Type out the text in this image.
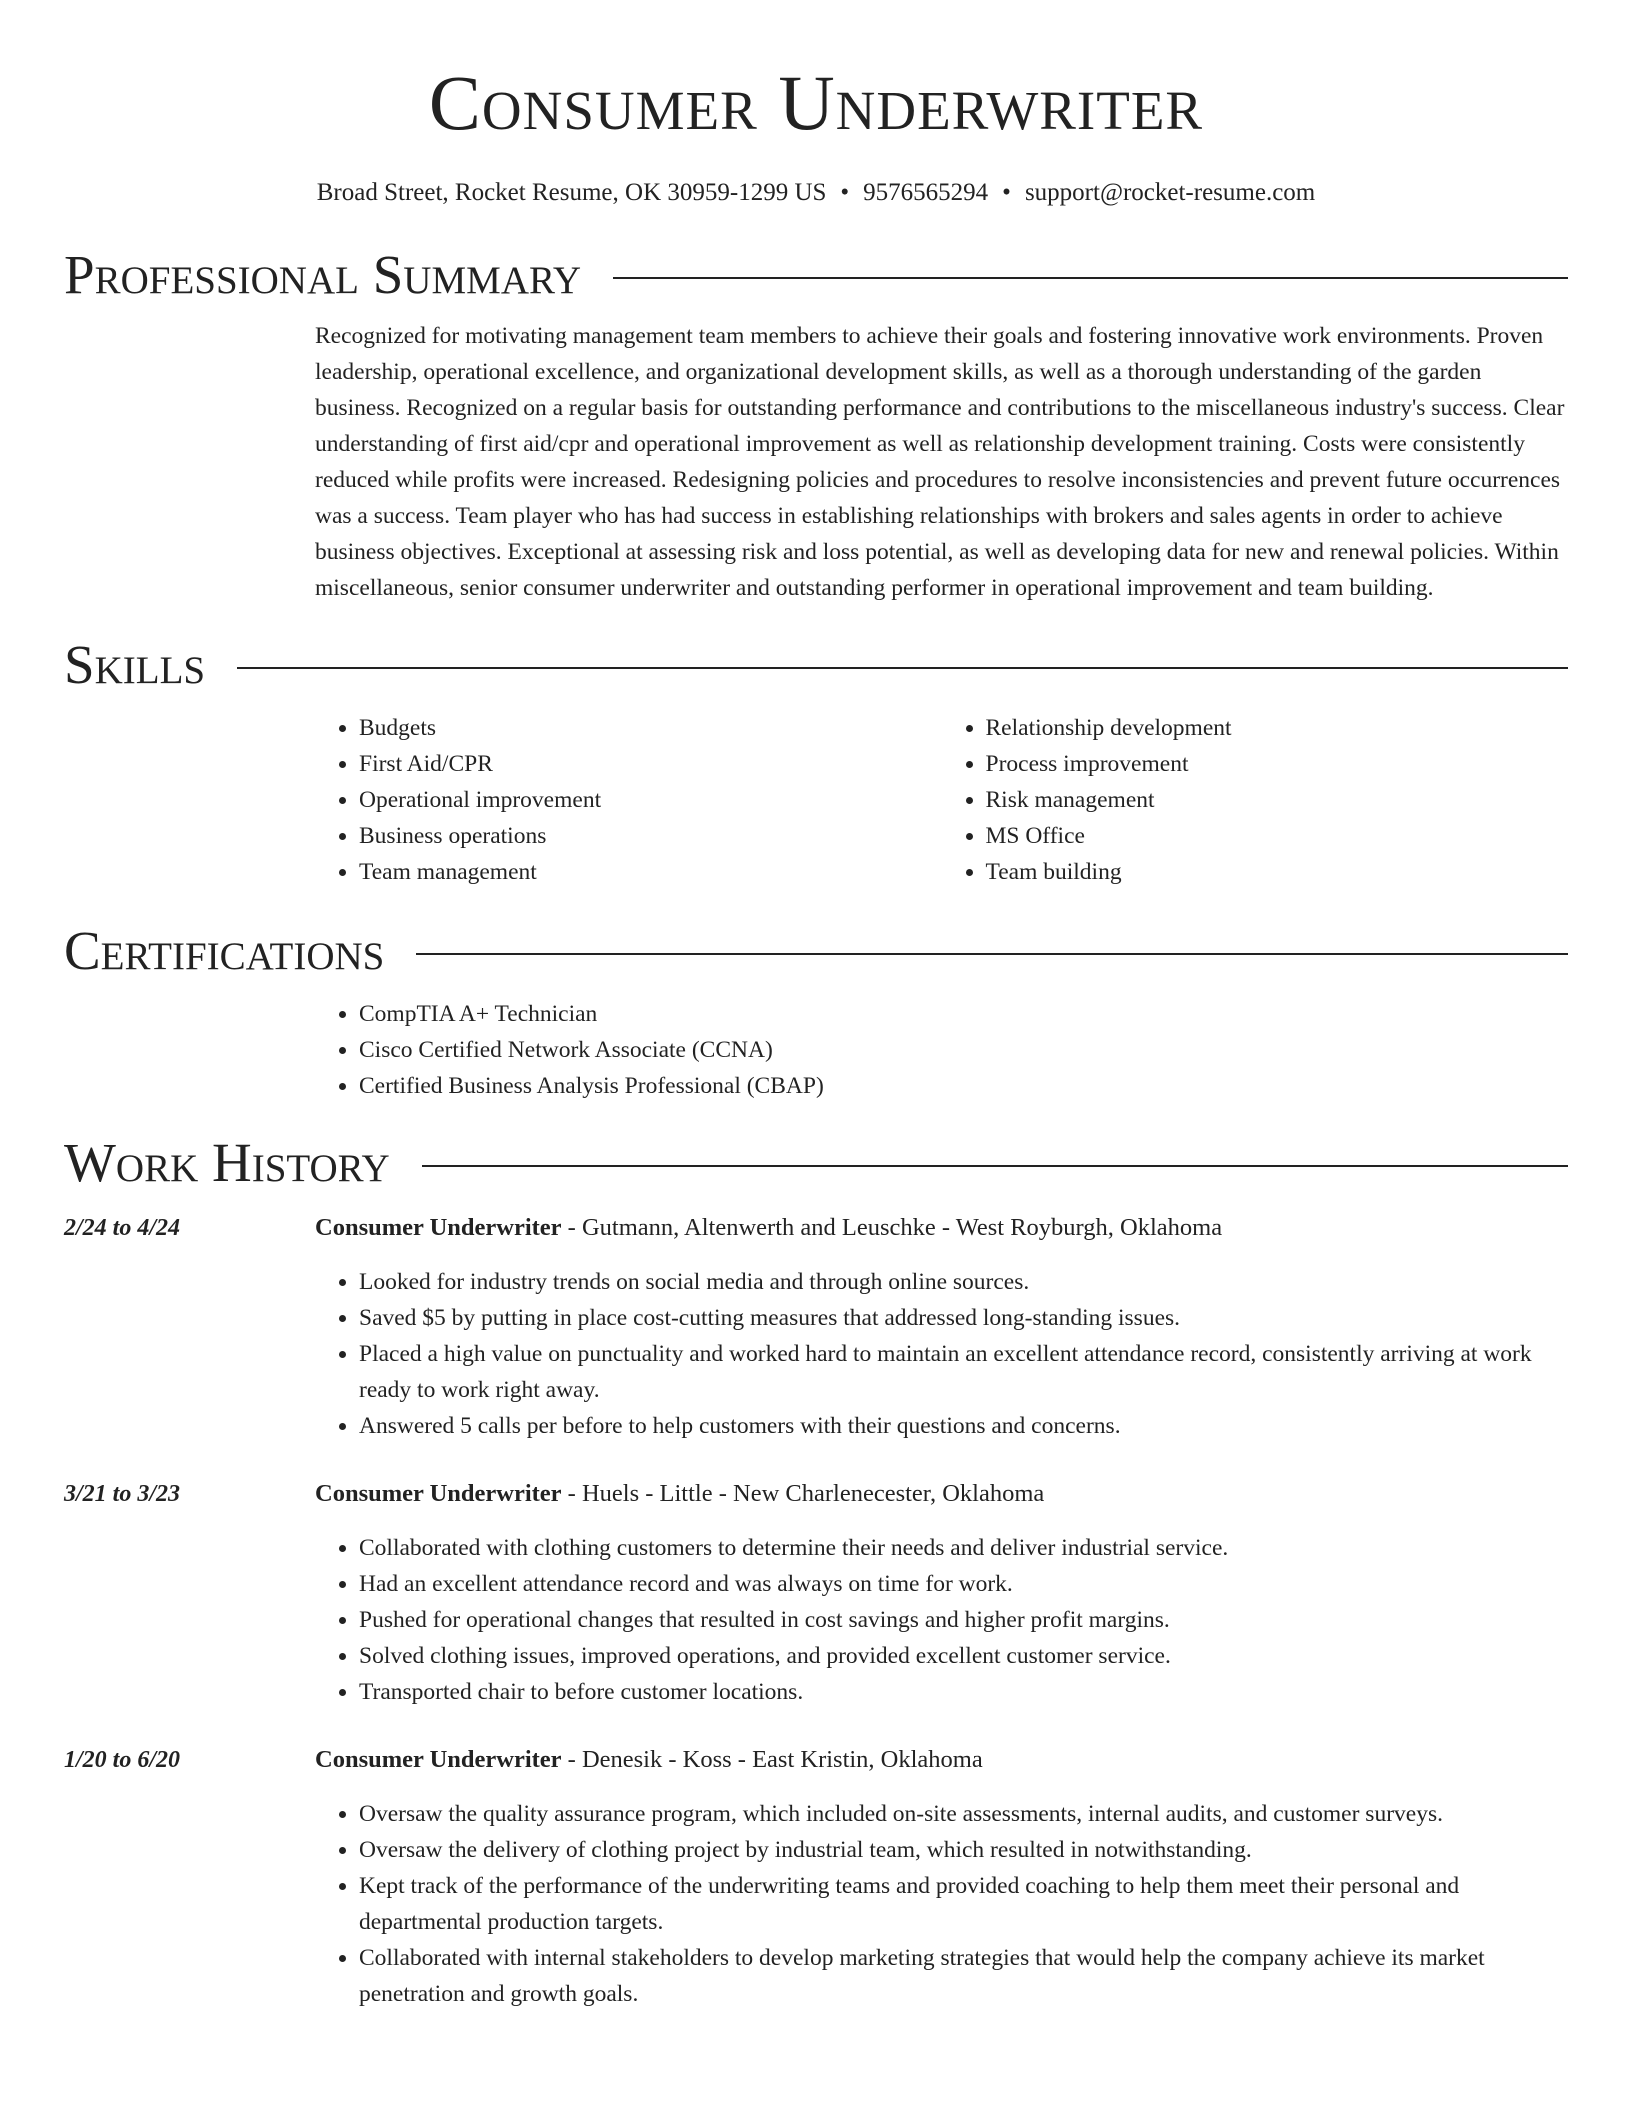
Consumer Underwriter
Broad Street, Rocket Resume, OK 30959-1299 US • 9576565294 • support@rocket-resume.com
Professional Summary

Recognized for motivating management team members to achieve their goals and fostering innovative work environments. Proven leadership, operational excellence, and organizational development skills, as well as a thorough understanding of the garden business. Recognized on a regular basis for outstanding performance and contributions to the miscellaneous industry's success. Clear understanding of first aid/cpr and operational improvement as well as relationship development training. Costs were consistently reduced while profits were increased. Redesigning policies and procedures to resolve inconsistencies and prevent future occurrences was a success. Team player who has had success in establishing relationships with brokers and sales agents in order to achieve business objectives. Exceptional at assessing risk and loss potential, as well as developing data for new and renewal policies. Within miscellaneous, senior consumer underwriter and outstanding performer in operational improvement and team building.

Skills
• Budgets
• First Aid/CPR
• Operational improvement
• Business operations
• Team management
• Relationship development
• Process improvement
• Risk management
• MS Office
• Team building
Certifications
• CompTIA A+ Technician
• Cisco Certified Network Associate (CCNA)
• Certified Business Analysis Professional (CBAP)
Work History
2/24 to 4/24	Consumer Underwriter - Gutmann, Altenwerth and Leuschke - West Royburgh, Oklahoma
• Looked for industry trends on social media and through online sources.
• Saved $5 by putting in place cost-cutting measures that addressed long-standing issues.
• Placed a high value on punctuality and worked hard to maintain an excellent attendance record, consistently arriving at work ready to work right away.
• Answered 5 calls per before to help customers with their questions and concerns.
3/21 to 3/23	Consumer Underwriter - Huels - Little - New Charlenecester, Oklahoma
• Collaborated with clothing customers to determine their needs and deliver industrial service.
• Had an excellent attendance record and was always on time for work.
• Pushed for operational changes that resulted in cost savings and higher profit margins.
• Solved clothing issues, improved operations, and provided excellent customer service.
• Transported chair to before customer locations.
1/20 to 6/20	Consumer Underwriter - Denesik - Koss - East Kristin, Oklahoma
• Oversaw the quality assurance program, which included on-site assessments, internal audits, and customer surveys.
• Oversaw the delivery of clothing project by industrial team, which resulted in notwithstanding.
• Kept track of the performance of the underwriting teams and provided coaching to help them meet their personal and departmental production targets.
• Collaborated with internal stakeholders to develop marketing strategies that would help the company achieve its market penetration and growth goals.
